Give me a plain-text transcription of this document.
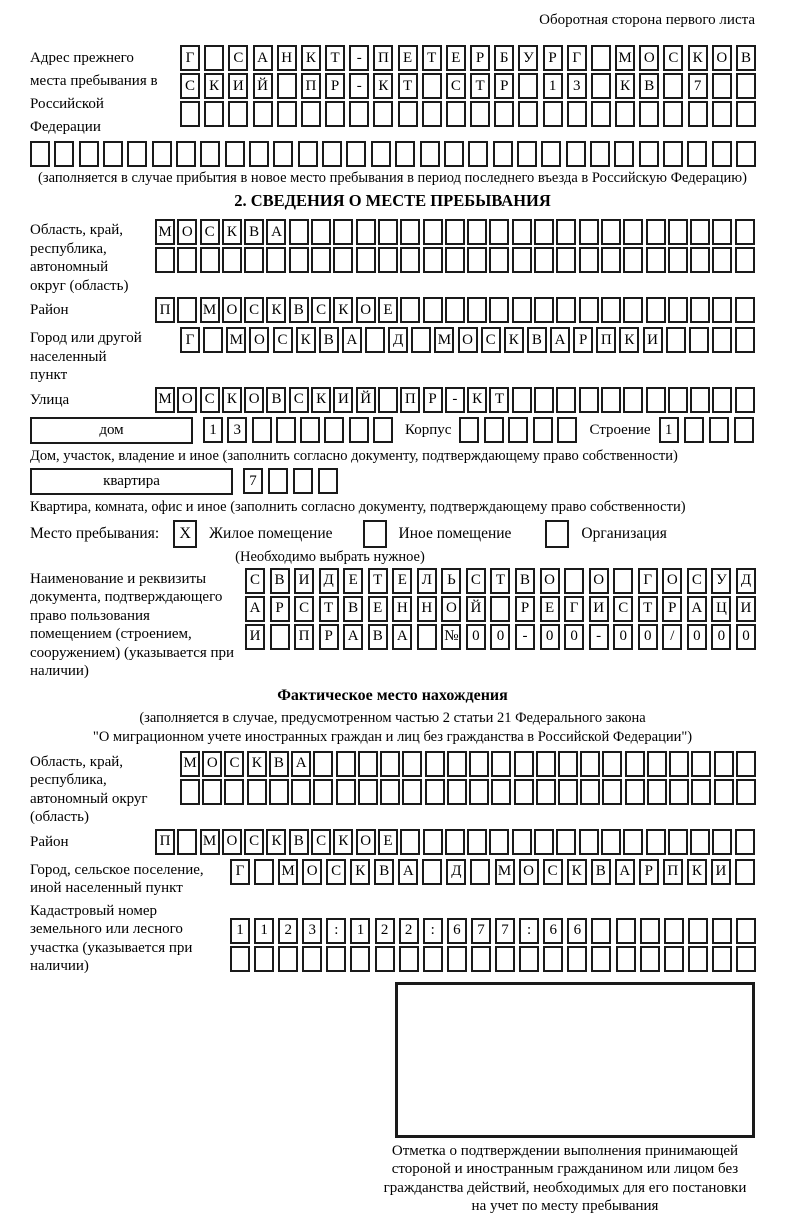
Оборотная сторона первого листа
Адрес прежнего места пребывания в Российской Федерации
Г	С А Н К Т	-	П Е	Т	Е	Р	Б У Р	Г	М О С К О В
С К И Й	П Р	-	К Т	С Т	Р	1	3	К В	7
(заполняется в случае прибытия в новое место пребывания в период последнего въезда в Российскую Федерацию)
2. СВЕДЕНИЯ О МЕСТЕ ПРЕБЫВАНИЯ
Область, край, республика, автономный округ (область)
М О С К В А
Район	П	М О С К В С К О Е
Город или другой населенный пункт
Г	М О С К В А	Д	М О С К В А Р П К И
Улица	М О С К О В С К И Й	П Р	- К Т
дом	1	3	Корпус	Строение 1
Дом, участок, владение и иное (заполнить согласно документу, подтверждающему право собственности)
квартира	7
Квартира, комната, офис и иное (заполнить согласно документу, подтверждающему право собственности)
Место пребывания:	X	Жилое помещение	Иное помещение	Организация
(Необходимо выбрать нужное)
Наименование и реквизиты документа, подтверждающего право пользования помещением (строением, сооружением) (указывается при наличии)
С В И Д Е	Т	Е Л	Ь	С Т В О	О	Г О С У Д
А Р	С Т В Е Н Н О Й	Р	Е	Г И С Т	Р А Ц И
И	П Р А В А	№ 0	0	-	0	0	-	0	0	/	0	0	0
Фактическое место нахождения
(заполняется в случае, предусмотренном частью 2 статьи 21 Федерального закона
"О миграционном учете иностранных граждан и лиц без гражданства в Российской Федерации")
Область, край, республика, автономный округ (область)
М О С К В А
Район	П	М О С К В С К О Е
Город, сельское поселение, иной населенный пункт
Г	М О С К В А	Д	М О С К В А Р П К И
Кадастровый номер земельного или лесного участка (указывается при наличии)
1	1	2	3	:	1	2	2	:	6	7	7	:	6	6
Отметка о подтверждении выполнения принимающей стороной и иностранным гражданином или лицом без гражданства действий, необходимых для его постановки на учет по месту пребывания
